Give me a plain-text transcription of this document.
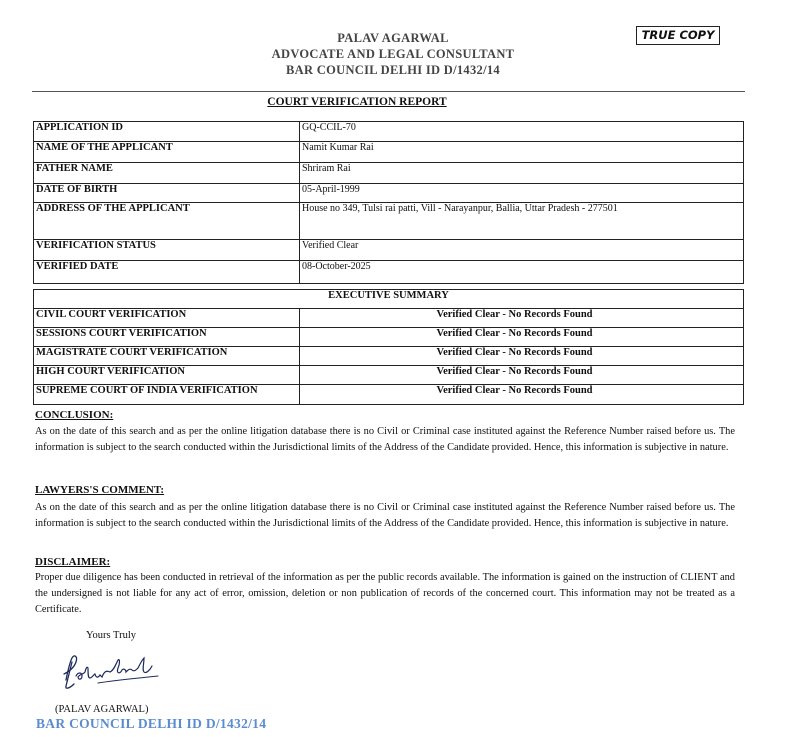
PALAV AGARWAL
ADVOCATE AND LEGAL CONSULTANT
BAR COUNCIL DELHI ID D/1432/14
TRUE COPY
COURT VERIFICATION REPORT
APPLICATION ID	GQ-CCIL-70
NAME OF THE APPLICANT	Namit Kumar Rai
FATHER NAME	Shriram Rai
DATE OF BIRTH	05-April-1999
ADDRESS OF THE APPLICANT	House no 349, Tulsi rai patti, Vill - Narayanpur, Ballia, Uttar Pradesh - 277501
VERIFICATION STATUS	Verified Clear
VERIFIED DATE	08-October-2025
EXECUTIVE SUMMARY	
CIVIL COURT VERIFICATION	Verified Clear - No Records Found
SESSIONS COURT VERIFICATION	Verified Clear - No Records Found
MAGISTRATE COURT VERIFICATION	Verified Clear - No Records Found
HIGH COURT VERIFICATION	Verified Clear - No Records Found
SUPREME COURT OF INDIA VERIFICATION	Verified Clear - No Records Found
CONCLUSION:
As on the date of this search and as per the online litigation database there is no Civil or Criminal case instituted against the Reference Number raised before us. The information is subject to the search conducted within the Jurisdictional limits of the Address of the Candidate provided. Hence, this information is subjective in nature.
LAWYERS'S COMMENT:
As on the date of this search and as per the online litigation database there is no Civil or Criminal case instituted against the Reference Number raised before us. The information is subject to the search conducted within the Jurisdictional limits of the Address of the Candidate provided. Hence, this information is subjective in nature.
DISCLAIMER:
Proper due diligence has been conducted in retrieval of the information as per the public records available. The information is gained on the instruction of CLIENT and the undersigned is not liable for any act of error, omission, deletion or non publication of records of the concerned court. This information may not be treated as a Certificate.
Yours Truly
(PALAV AGARWAL)
BAR COUNCIL DELHI ID D/1432/14
